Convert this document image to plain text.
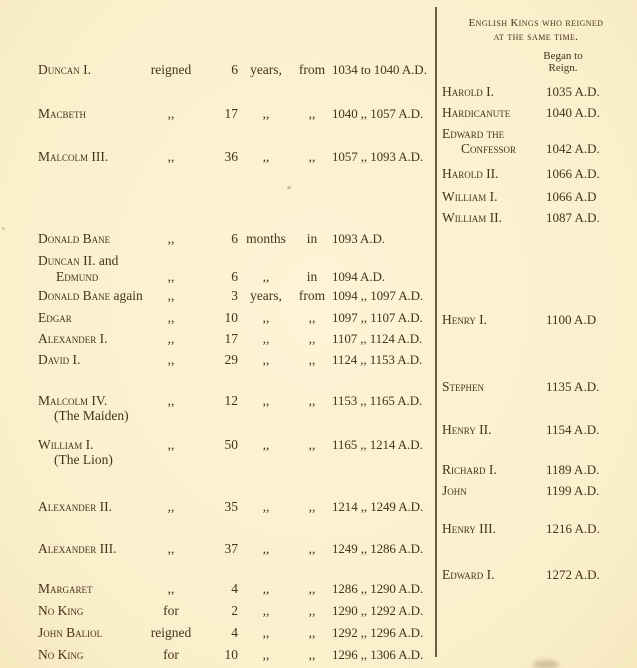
English Kings who reigned
at the same time.
Began to
Reign.
Duncan I.	reigned	6 years,	from 1034 to 1040 A.D.
Macbeth	,,	17	,,	,,	1040 ,, 1057 A.D.
Malcolm III.	,,	36	,,	,,	1057 ,, 1093 A.D.
Donald Bane	,,	6 months	in	1093 A.D.
Duncan II. and
Edmund	,,	6	,,	in	1094 A.D.
Donald Bane again	,,	3 years,	from 1094 ,, 1097 A.D.
Edgar	,,	10	,,	,,	1097 ,, 1107 A.D.
Alexander I.	,,	17	,,	,,	1107 ,, 1124 A.D.
David I.	,,	29	,,	,,	1124 ,, 1153 A.D.
Malcolm IV.
(The Maiden)
,,	12	,,	,,	1153 ,, 1165 A.D.
William I.
(The Lion)
,,	50	,,	,,	1165 ,, 1214 A.D.
Alexander II.	,,	35	,,	,,	1214 ,, 1249 A.D.
Alexander III.	,,	37	,,	,,	1249 ,, 1286 A.D.
Margaret	,,	4	,,	,,	1286 ,, 1290 A.D.
No King	for	2	,,	,,	1290 ,, 1292 A.D.
John Baliol	reigned	4	,,	,,	1292 ,, 1296 A.D.
No King	for	10	,,	,,	1296 ,, 1306 A.D.
Harold I.	1035 A.D.
Hardicanute	1040 A.D.
Edward the
Confessor 1042 A.D.
Harold II.	1066 A.D.
William I.	1066 A.D
William II.	1087 A.D.
Henry I.	1100 A.D
Stephen	1135 A.D.
Henry II.	1154 A.D.
Richard I.	1189 A.D.
John	1199 A.D.
Henry III.	1216 A.D.
Edward I.	1272 A.D.
